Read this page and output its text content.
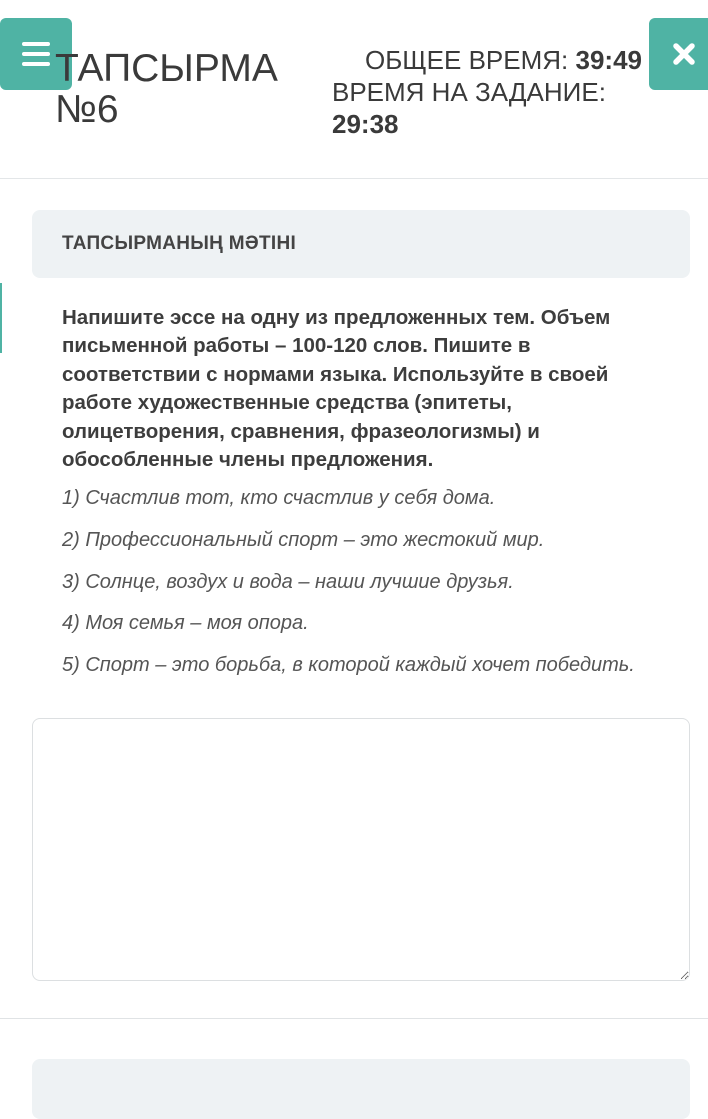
ТАПСЫРМА №6
ОБЩЕЕ ВРЕМЯ: 39:49
ВРЕМЯ НА ЗАДАНИЕ:
29:38
ТАПСЫРМАНЫҢ МӘТІНІ

Напишите эссе на одну из предложенных тем. Объем письменной работы – 100-120 слов. Пишите в соответствии с нормами языка. Используйте в своей работе художественные средства (эпитеты, олицетворения, сравнения, фразеологизмы) и обособленные члены предложения.

1) Счастлив тот, кто счастлив у себя дома.

2) Профессиональный спорт – это жестокий мир.

3) Солнце, воздух и вода – наши лучшие друзья.

4) Моя семья – моя опора.

5) Спорт – это борьба, в которой каждый хочет победить.
